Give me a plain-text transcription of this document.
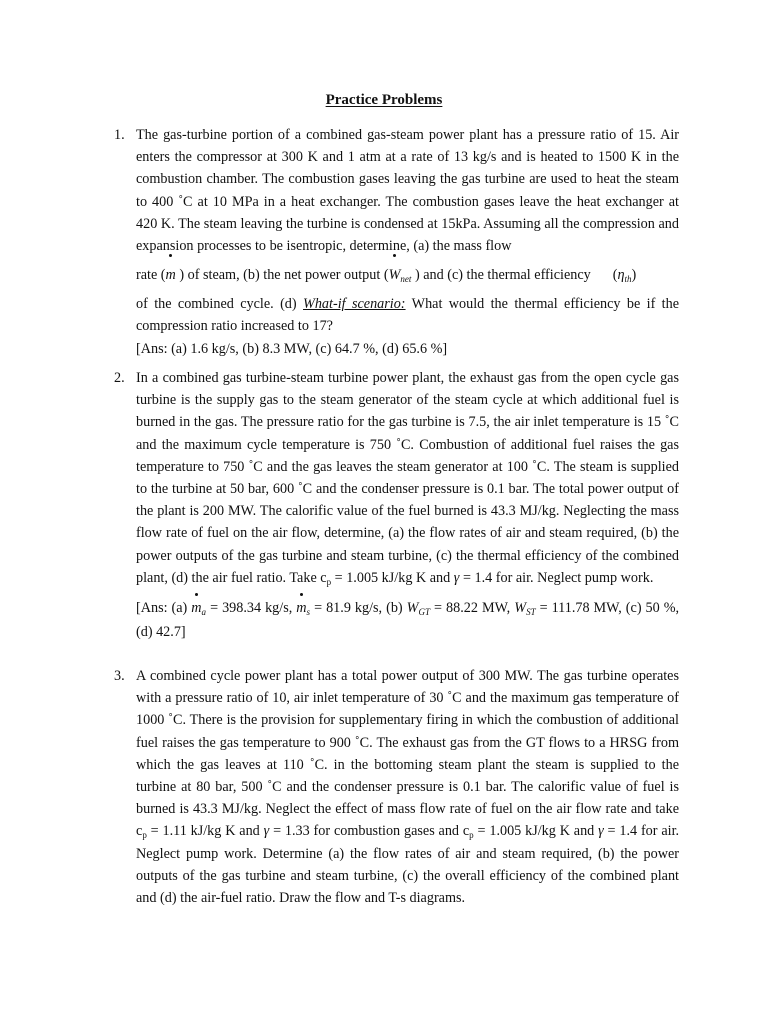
Practice Problems
1. The gas-turbine portion of a combined gas-steam power plant has a pressure ratio of 15. Air enters the compressor at 300 K and 1 atm at a rate of 13 kg/s and is heated to 1500 K in the combustion chamber. The combustion gases leaving the gas turbine are used to heat the steam to 400 ˚C at 10 MPa in a heat exchanger. The combustion gases leave the heat exchanger at 420 K. The steam leaving the turbine is condensed at 15kPa. Assuming all the compression and expansion processes to be isentropic, determine, (a) the mass flow

rate (m ) of steam, (b) the net power output ($W_{net}$ ) and (c) the thermal efficiency $(\eta_{th})$

of the combined cycle. (d) What-if scenario: What would the thermal efficiency be if the compression ratio increased to 17?

[Ans: (a) 1.6 kg/s, (b) 8.3 MW, (c) 64.7 %, (d) 65.6 %]

2. In a combined gas turbine-steam turbine power plant, the exhaust gas from the open cycle gas turbine is the supply gas to the steam generator of the steam cycle at which additional fuel is burned in the gas. The pressure ratio for the gas turbine is 7.5, the air inlet temperature is 15 ˚C and the maximum cycle temperature is 750 ˚C. Combustion of additional fuel raises the gas temperature to 750 ˚C and the gas leaves the steam generator at 100 ˚C. The steam is supplied to the turbine at 50 bar, 600 ˚C and the condenser pressure is 0.1 bar. The total power output of the plant is 200 MW. The calorific value of the fuel burned is 43.3 MJ/kg. Neglecting the mass flow rate of fuel on the air flow, determine, (a) the flow rates of air and steam required, (b) the power outputs of the gas turbine and steam turbine, (c) the thermal efficiency of the combined plant, (d) the air fuel ratio. Take $c_p = 1.005$ kJ/kg K and γ = 1.4 for air. Neglect pump work.

[Ans: (a) $m_a = 398.34$ kg/s, $m_s = 81.9$ kg/s, (b) $W_{GT} = 88.22$ MW, $W_{ST} = 111.78$ MW, (c) 50 %, (d) 42.7]

3. A combined cycle power plant has a total power output of 300 MW. The gas turbine operates with a pressure ratio of 10, air inlet temperature of 30 ˚C and the maximum gas temperature of 1000 ˚C. There is the provision for supplementary firing in which the combustion of additional fuel raises the gas temperature to 900 ˚C. The exhaust gas from the GT flows to a HRSG from which the gas leaves at 110 ˚C. in the bottoming steam plant the steam is supplied to the turbine at 80 bar, 500 ˚C and the condenser pressure is 0.1 bar. The calorific value of fuel is burned is 43.3 MJ/kg. Neglect the effect of mass flow rate of fuel on the air flow rate and take $c_p = 1.11$ kJ/kg K and γ = 1.33 for combustion gases and $c_p = 1.005$ kJ/kg K and γ = 1.4 for air. Neglect pump work. Determine (a) the flow rates of air and steam required, (b) the power outputs of the gas turbine and steam turbine, (c) the overall efficiency of the combined plant and (d) the air-fuel ratio. Draw the flow and T-s diagrams.
